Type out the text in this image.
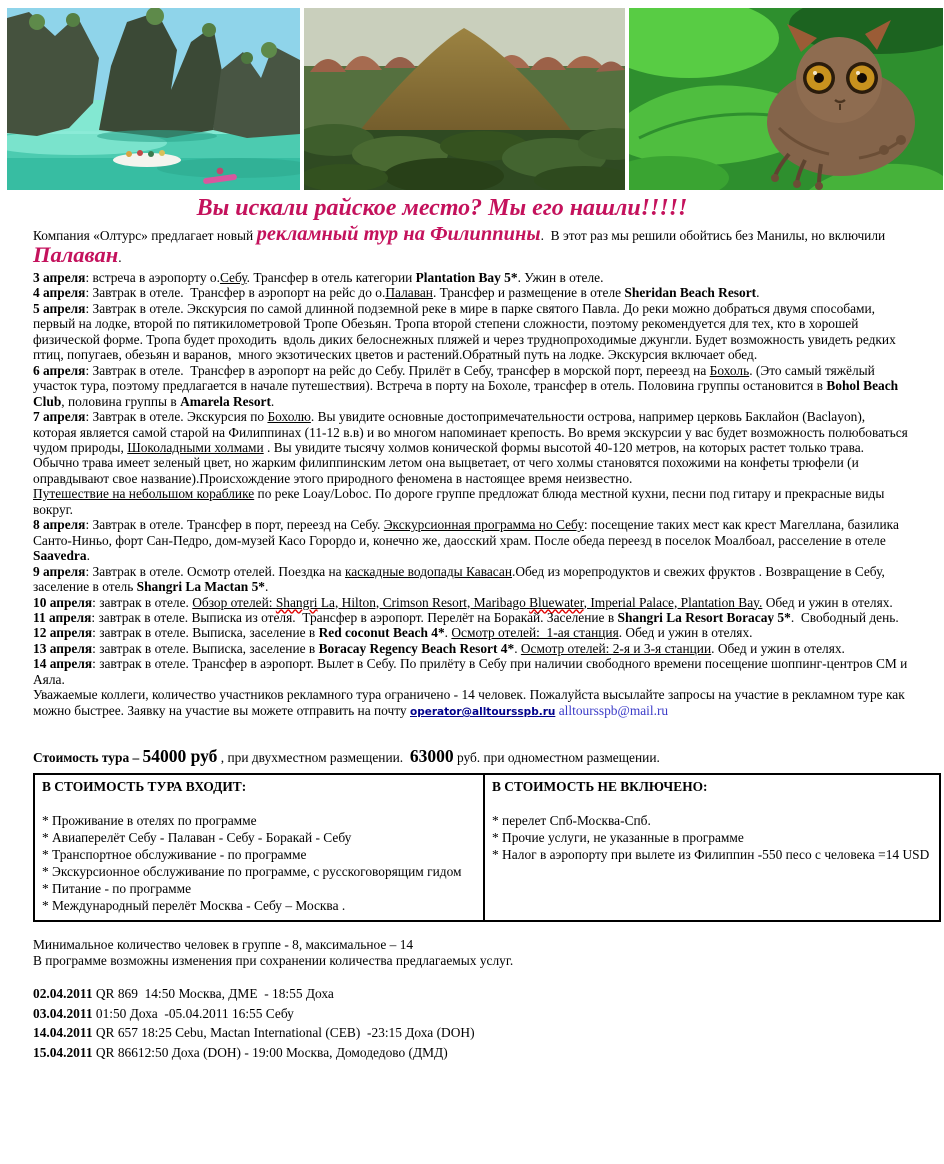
Вы искали райское место? Мы его нашли!!!!!

Компания «Олтурс» предлагает новый рекламный тур на Филиппины.  В этот раз мы решили обойтись без Манилы, но включили Палаван.

3 апреля: встреча в аэропорту о.Себу. Трансфер в отель категории Plantation Bay 5*. Ужин в отеле.

4 апреля: Завтрак в отеле.  Трансфер в аэропорт на рейс до о.Палаван. Трансфер и размещение в отеле Sheridan Beach Resort.

5 апреля: Завтрак в отеле. Экскурсия по самой длинной подземной реке в мире в парке святого Павла. До реки можно добраться двумя способами, первый на лодке, второй по пятикилометровой Тропе Обезьян. Тропа второй степени сложности, поэтому рекомендуется для тех, кто в хорошей физической форме. Тропа будет проходить  вдоль диких белоснежных пляжей и через труднопроходимые джунгли. Будет возможность увидеть редких птиц, попугаев, обезьян и варанов,  много экзотических цветов и растений.Обратный путь на лодке. Экскурсия включает обед.

6 апреля: Завтрак в отеле.  Трансфер в аэропорт на рейс до Себу. Прилёт в Себу, трансфер в морской порт, переезд на Бохоль. (Это самый тяжёлый участок тура, поэтому предлагается в начале путешествия). Встреча в порту на Бохоле, трансфер в отель. Половина группы остановится в Bohol Beach Club, половина группы в Amarela Resort.

7 апреля: Завтрак в отеле. Экскурсия по Бохолю. Вы увидите основные достопримечательности острова, например церковь Баклайон (Baclayon), которая является самой старой на Филиппинах (11-12 в.в) и во многом напоминает крепость. Во время экскурсии у вас будет возможность полюбоваться  чудом природы, Шоколадными холмами . Вы увидите тысячу холмов конической формы высотой 40-120 метров, на которых растет только трава. Обычно трава имеет зеленый цвет, но жарким филиппинским летом она выцветает, от чего холмы становятся похожими на конфеты трюфели (и оправдывают свое название).Происхождение этого природного феномена в настоящее время неизвестно.

Путешествие на небольшом кораблике по реке Loay/Loboc. По дороге группе предложат блюда местной кухни, песни под гитару и прекрасные виды вокруг.

8 апреля: Завтрак в отеле. Трансфер в порт, переезд на Себу. Экскурсионная программа но Себу: посещение таких мест как крест Магеллана, базилика Санто-Ниньо, форт Сан-Педро, дом-музей Касо Горордо и, конечно же, даосский храм. После обеда переезд в поселок Моалбоал, расселение в отеле Saavedra.

9 апреля: Завтрак в отеле. Осмотр отелей. Поездка на каскадные водопады Кавасан.Обед из морепродуктов и свежих фруктов . Возвращение в Себу, заселение в отель Shangri La Mactan 5*.

10 апреля: завтрак в отеле. Обзор отелей: Shangri La, Hilton, Crimson Resort, Maribago Bluewater, Imperial Palace, Plantation Bay. Обед и ужин в отелях.

11 апреля: завтрак в отеле. Выписка из отеля.  Трансфер в аэропорт. Перелёт на Боракай. Заселение в Shangri La Resort Boracay 5*.  Свободный день.

12 апреля: завтрак в отеле. Выписка, заселение в Red coconut Beach 4*. Осмотр отелей:  1-ая станция. Обед и ужин в отелях.

13 апреля: завтрак в отеле. Выписка, заселение в Boracay Regency Beach Resort 4*. Осмотр отелей: 2-я и 3-я станции. Обед и ужин в отелях.

14 апреля: завтрак в отеле. Трансфер в аэропорт. Вылет в Себу. По прилёту в Себу при наличии свободного времени посещение шоппинг-центров СМ и Аяла.

Уважаемые коллеги, количество участников рекламного тура ограничено - 14 человек. Пожалуйста высылайте запросы на участие в рекламном туре как можно быстрее. Заявку на участие вы можете отправить на почту operator@alltoursspb.ru alltoursspb@mail.ru

Стоимость тура – 54000 руб , при двухместном размещении.  63000 руб. при одноместном размещении.

В СТОИМОСТЬ ТУРА ВХОДИТ:
* Проживание в отелях по программе
* Авиаперелёт Себу - Палаван - Себу - Боракай - Себу
* Транспортное обслуживание - по программе
* Экскурсионное обслуживание по программе, с русскоговорящим гидом
* Питание - по программе
* Международный перелёт Москва - Себу – Москва .

В СТОИМОСТЬ НЕ ВКЛЮЧЕНО:
* перелет Спб-Москва-Спб.
* Прочие услуги, не указанные в программе
* Налог в аэропорту при вылете из Филиппин -550 песо с человека =14 USD

Минимальное количество человек в группе - 8, максимальное – 14

В программе возможны изменения при сохранении количества предлагаемых услуг.

02.04.2011 QR 869  14:50 Москва, ДМЕ  - 18:55 Доха

03.04.2011 01:50 Доха  -05.04.2011 16:55 Себу

14.04.2011 QR 657 18:25 Cebu, Mactan International (CEB)  -23:15 Доха (DOH)

15.04.2011 QR 86612:50 Доха (DOH) - 19:00 Москва, Домодедово (ДМД)
